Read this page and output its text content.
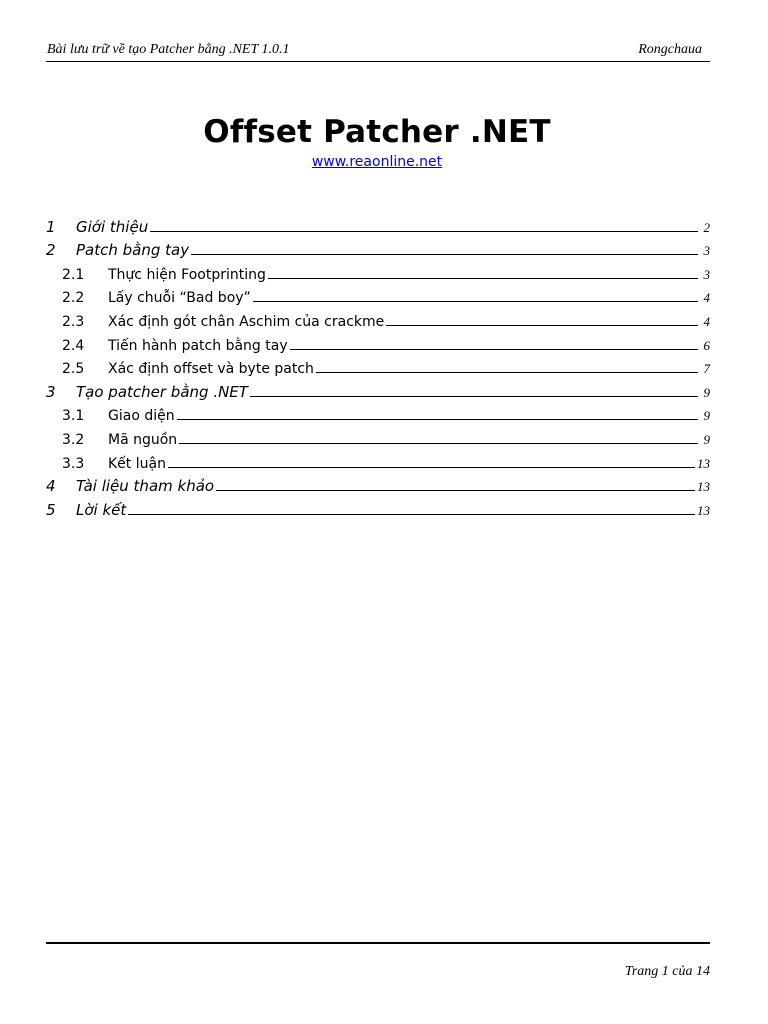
Bài lưu trữ về tạo Patcher bằng .NET 1.0.1	Rongchaua
Offset Patcher .NET
www.reaonline.net
1	Giới thiệu	2
2	Patch bằng tay	3
2.1	Thực hiện Footprinting	3
2.2	Lấy chuỗi “Bad boy”	4
2.3	Xác định gót chân Aschim của crackme	4
2.4	Tiến hành patch bằng tay	6
2.5	Xác định offset và byte patch	7
3	Tạo patcher bằng .NET	9
3.1	Giao diện	9
3.2	Mã nguồn	9
3.3	Kết luận	13
4	Tài liệu tham khảo	13
5	Lời kết	13
Trang 1 của 14
